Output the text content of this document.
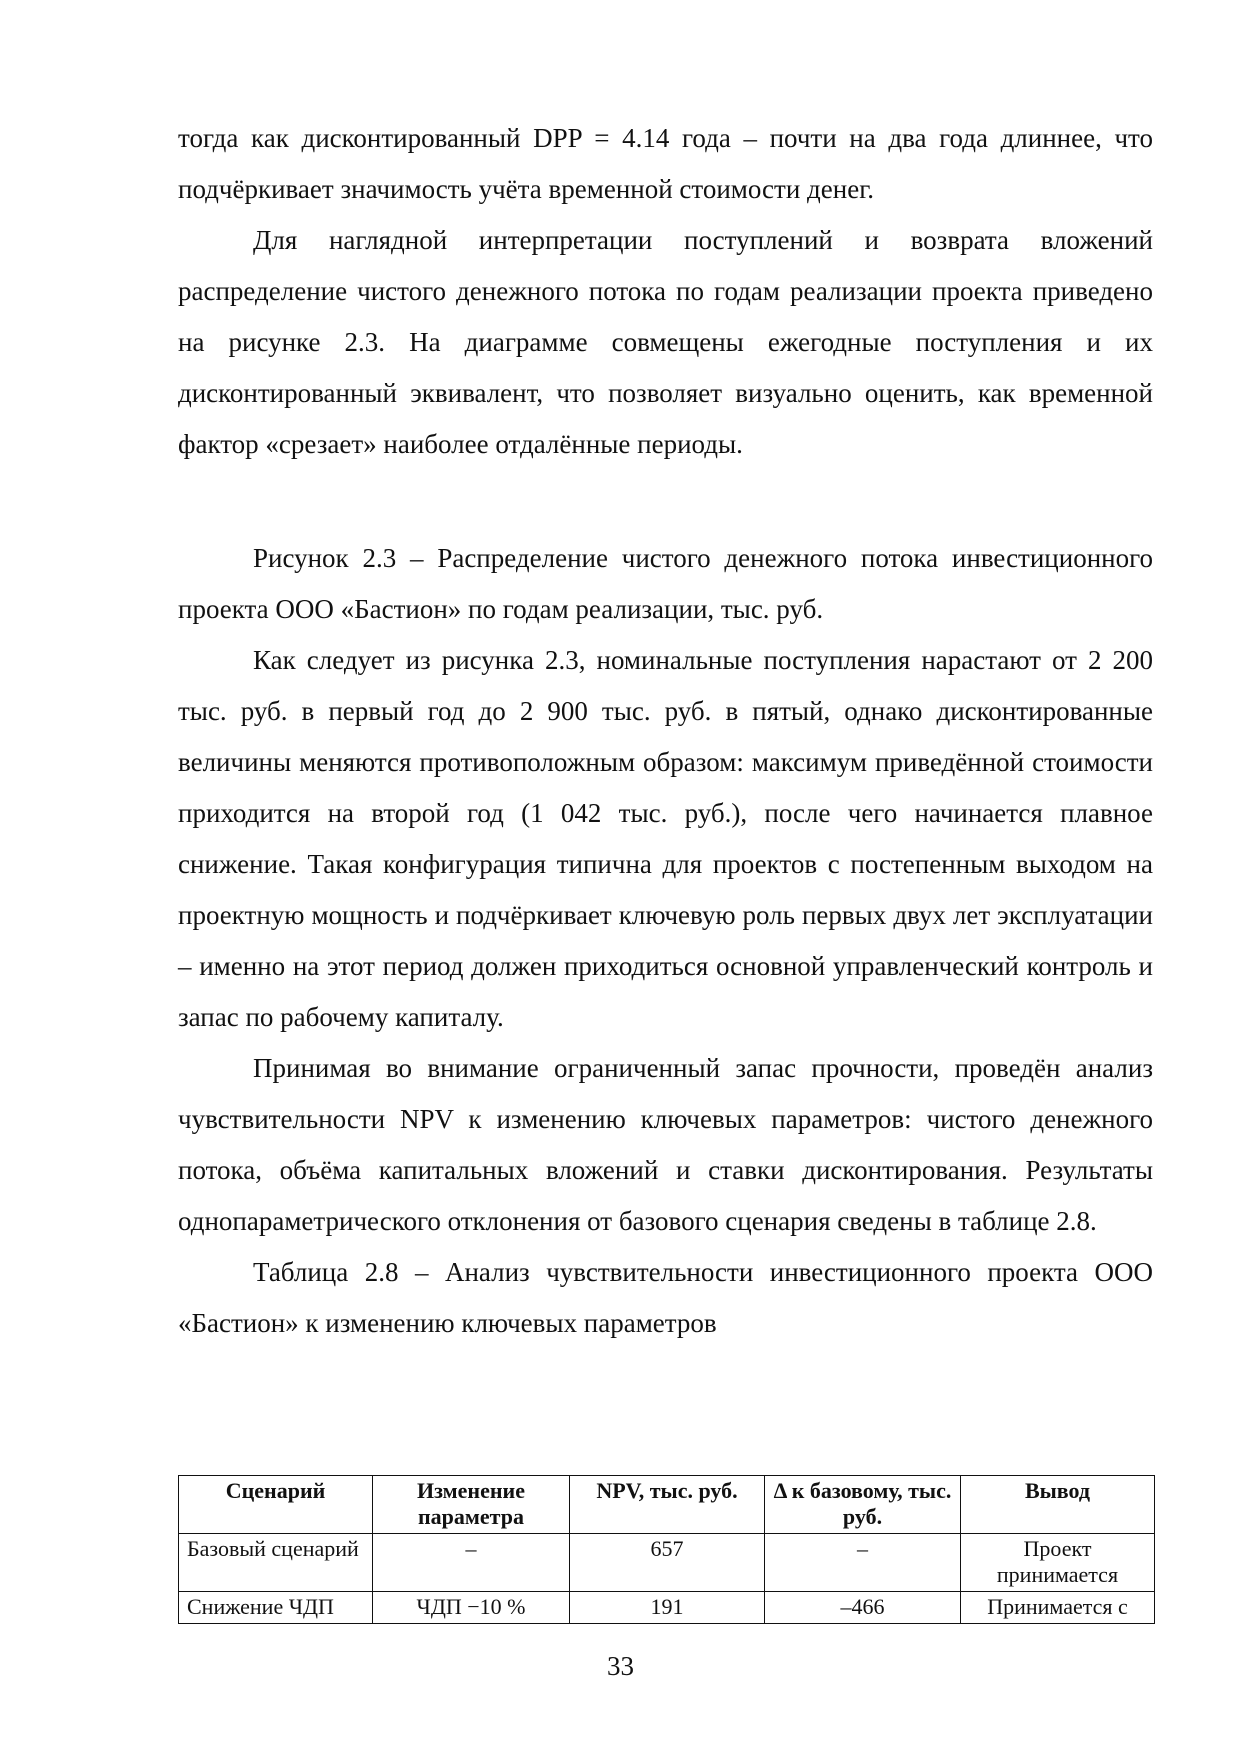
тогда как дисконтированный DPP = 4.14 года – почти на два года длиннее, что подчёркивает значимость учёта временной стоимости денег.

Для наглядной интерпретации поступлений и возврата вложений распределение чистого денежного потока по годам реализации проекта приведено на рисунке 2.3. На диаграмме совмещены ежегодные поступления и их дисконтированный эквивалент, что позволяет визуально оценить, как временной фактор «срезает» наиболее отдалённые периоды.

Рисунок 2.3 – Распределение чистого денежного потока инвестиционного проекта ООО «Бастион» по годам реализации, тыс. руб.

Как следует из рисунка 2.3, номинальные поступления нарастают от 2 200 тыс. руб. в первый год до 2 900 тыс. руб. в пятый, однако дисконтированные величины меняются противоположным образом: максимум приведённой стоимости приходится на второй год (1 042 тыс. руб.), после чего начинается плавное снижение. Такая конфигурация типична для проектов с постепенным выходом на проектную мощность и подчёркивает ключевую роль первых двух лет эксплуатации – именно на этот период должен приходиться основной управленческий контроль и запас по рабочему капиталу.

Принимая во внимание ограниченный запас прочности, проведён анализ чувствительности NPV к изменению ключевых параметров: чистого денежного потока, объёма капитальных вложений и ставки дисконтирования. Результаты однопараметрического отклонения от базового сценария сведены в таблице 2.8.

Таблица 2.8 – Анализ чувствительности инвестиционного проекта ООО «Бастион» к изменению ключевых параметров

Сценарий	Изменение параметра	NPV, тыс. руб.	Δ к базовому, тыс. руб.	Вывод
Базовый сценарий	–	657	–	Проект принимается
Снижение ЧДП	ЧДП −10 %	191	–466	Принимается с
33
